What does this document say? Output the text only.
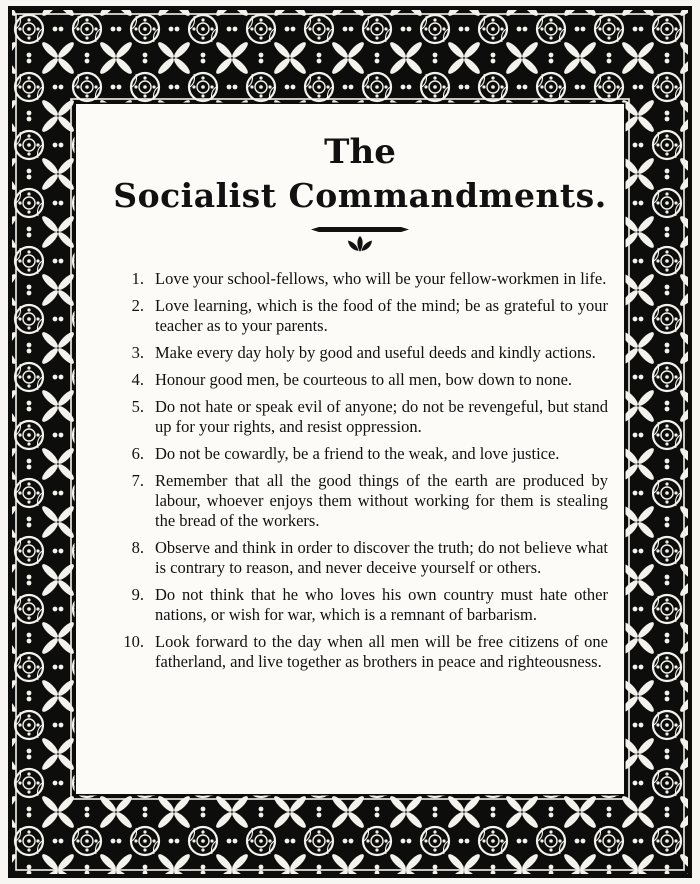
The
Socialist Commandments.
1. Love your school-fellows, who will be your fellow-workmen in life.
2. Love learning, which is the food of the mind; be as grateful to your teacher as to your parents.
3. Make every day holy by good and useful deeds and kindly actions.
4. Honour good men, be courteous to all men, bow down to none.
5. Do not hate or speak evil of anyone; do not be revengeful, but stand up for your rights, and resist oppression.
6. Do not be cowardly, be a friend to the weak, and love justice.
7. Remember that all the good things of the earth are produced by labour, whoever enjoys them without working for them is stealing the bread of the workers.
8. Observe and think in order to discover the truth; do not believe what is contrary to reason, and never deceive yourself or others.
9. Do not think that he who loves his own country must hate other nations, or wish for war, which is a remnant of barbarism.
10. Look forward to the day when all men will be free citizens of one fatherland, and live together as brothers in peace and righteousness.
